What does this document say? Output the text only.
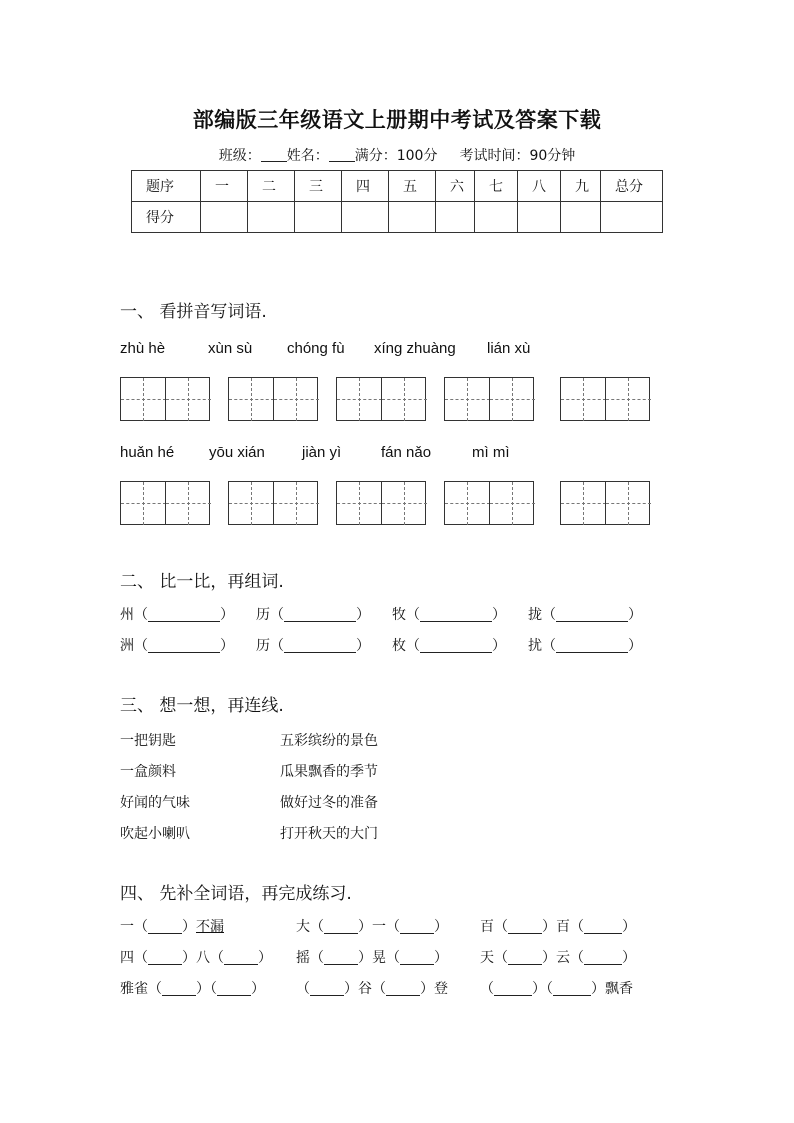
部编版三年级语文上册期中考试及答案下载
班级： 姓名： 满分：100分 考试时间：90分钟
题序	一	二	三	四	五	六	七	八	九	总分
得分										
一、 看拼音写词语.
zhù hè	xùn sù chóng fù xíng zhuàng lián xù
huǎn hé yōu xián jiàn yì	fán nǎo	mì mì
二、 比一比，再组词.
州（	） 历（	） 牧（	） 拢（	）
洲（	） 历（	） 枚（	） 扰（	）
三、 想一想，再连线.
一把钥匙
一盒颜料
好闻的气味
吹起小喇叭
五彩缤纷的景色
瓜果飘香的季节
做好过冬的准备
打开秋天的大门
四、 先补全词语，再完成练习.
一（ ）不漏	大（ ）一（ ） 百（ ）百（	）
四（ ）八（ ） 摇（ ）晃（ ） 天（ ）云（	）
雅雀（ ）（ ） （ ）谷（ ）登 （	）（	）飘香
